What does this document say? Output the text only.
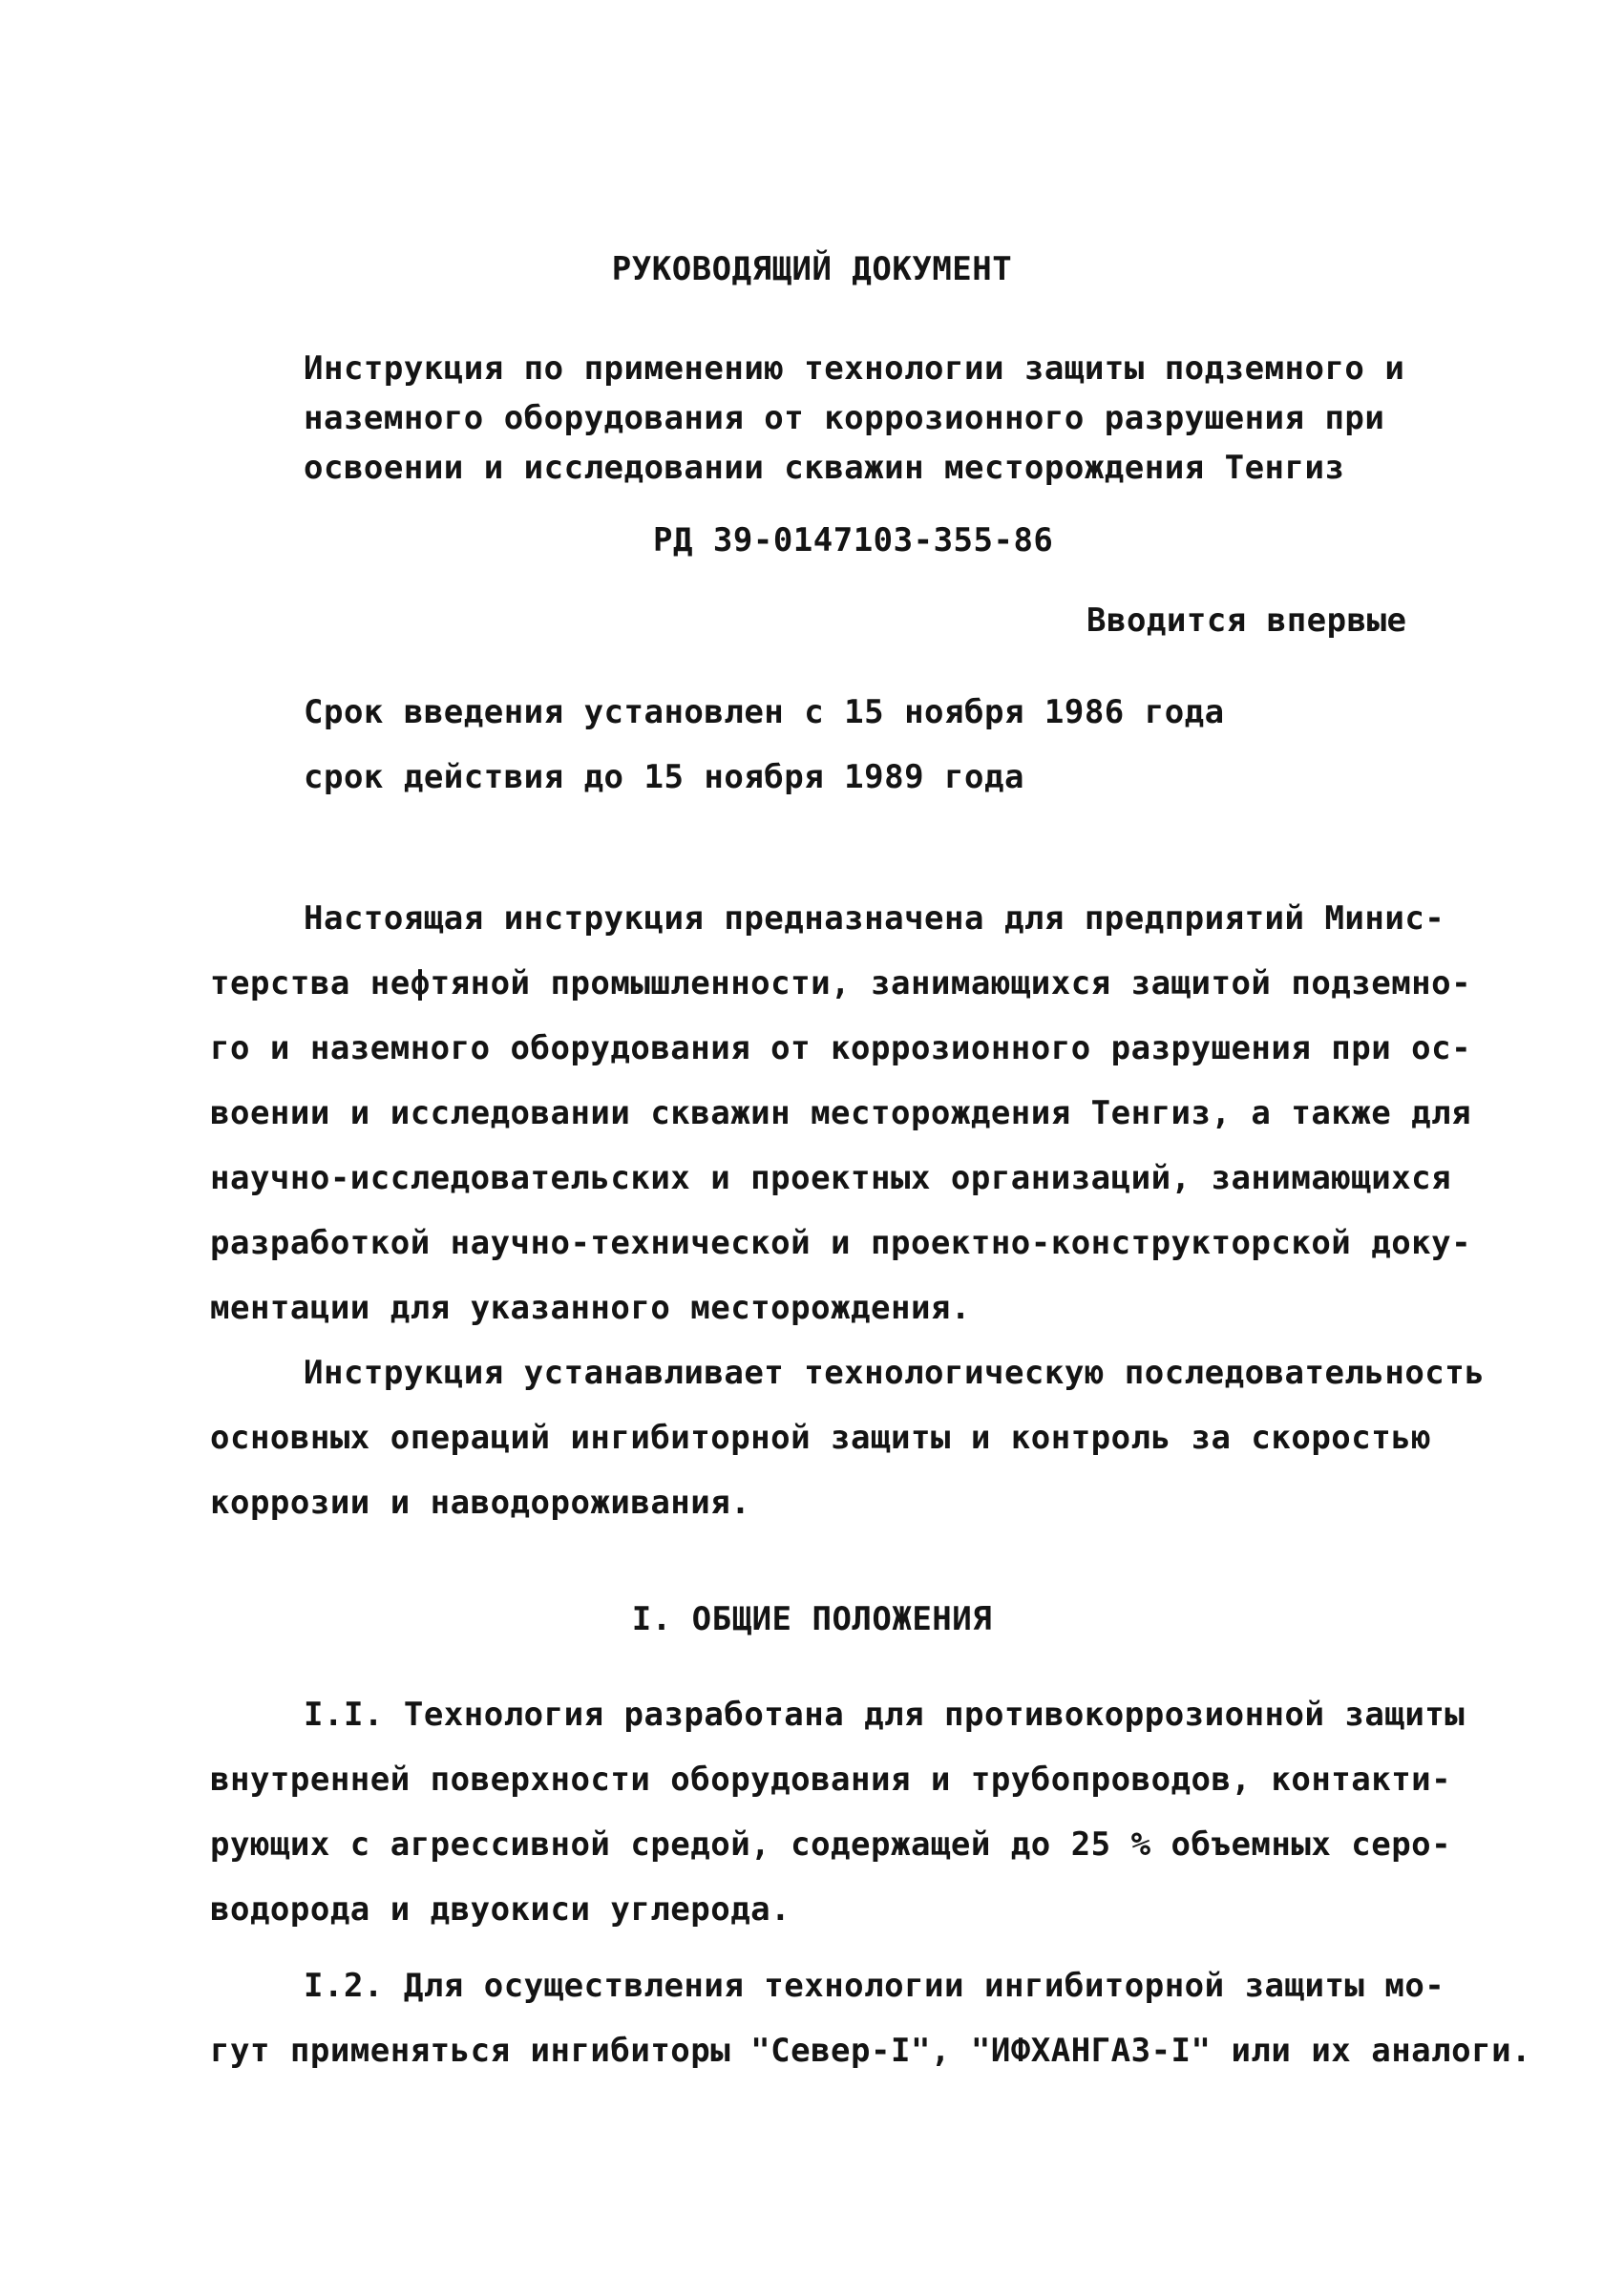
РУКОВОДЯЩИЙ ДОКУМЕНТ
Инструкция по применению технологии защиты подземного и
наземного оборудования от коррозионного разрушения при
освоении и исследовании скважин месторождения Тенгиз
РД 39-0147103-355-86
Вводится впервые
Срок введения установлен с 15 ноября 1986 года
срок действия до 15 ноября 1989 года
Настоящая инструкция предназначена для предприятий Минис-
терства нефтяной промышленности, занимающихся защитой подземно-
го и наземного оборудования от коррозионного разрушения при ос-
воении и исследовании скважин месторождения Тенгиз, а также для
научно-исследовательских и проектных организаций, занимающихся
разработкой научно-технической и проектно-конструкторской доку-
ментации для указанного месторождения.
Инструкция устанавливает технологическую последовательность
основных операций ингибиторной защиты и контроль за скоростью
коррозии и наводороживания.
I. ОБЩИЕ ПОЛОЖЕНИЯ
I.I. Технология разработана для противокоррозионной защиты
внутренней поверхности оборудования и трубопроводов, контакти-
рующих с агрессивной средой, содержащей до 25 % объемных серо-
водорода и двуокиси углерода.
I.2. Для осуществления технологии ингибиторной защиты мо-
гут применяться ингибиторы "Север-I", "ИФХАНГАЗ-I" или их аналоги.
